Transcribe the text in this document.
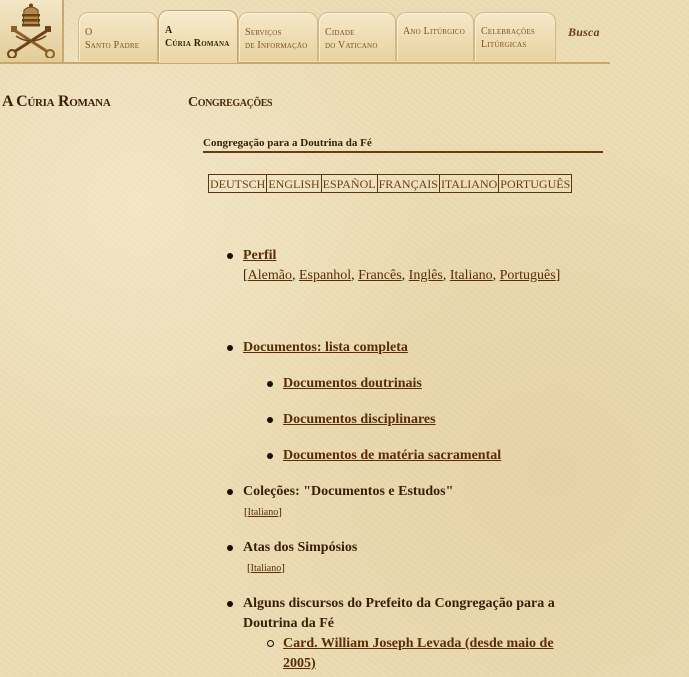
O
Santo Padre
A
Cúria Romana
Serviços
de Informação
Cidade
do Vaticano
Ano Litúrgico	Celebrações
Litúrgicas
Busca
A Cúria Romana	Congregações
Congregação para a Doutrina da Fé
DEUTSCH ENGLISH ESPAÑOL FRANÇAIS ITALIANO PORTUGUÊS
Perfil
[Alemão, Espanhol, Francês, Inglês, Italiano, Português]
Documentos: lista completa
Documentos doutrinais
Documentos disciplinares
Documentos de matéria sacramental
Coleções: "Documentos e Estudos"
[Italiano]
Atas dos Simpósios
[Italiano]
Alguns discursos do Prefeito da Congregação para a
Doutrina da Fé
Card. William Joseph Levada (desde maio de
2005)
